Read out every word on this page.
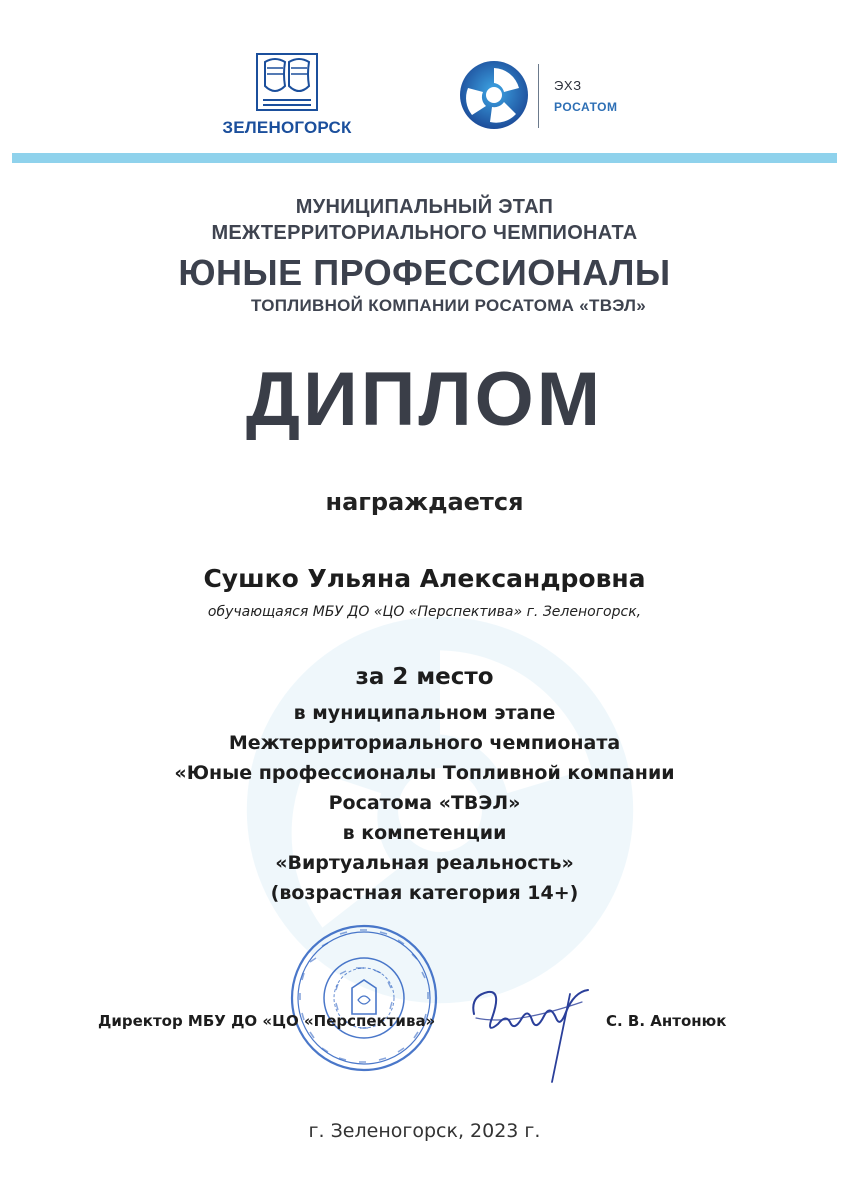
ЗЕЛЕНОГОРСК
ЭХЗ
РОСАТОМ
МУНИЦИПАЛЬНЫЙ ЭТАП
МЕЖТЕРРИТОРИАЛЬНОГО ЧЕМПИОНАТА
ЮНЫЕ ПРОФЕССИОНАЛЫ
ТОПЛИВНОЙ КОМПАНИИ РОСАТОМА «ТВЭЛ»
ДИПЛОМ
награждается
Сушко Ульяна Александровна
обучающаяся МБУ ДО «ЦО «Перспектива» г. Зеленогорск,
за 2 место
в муниципальном этапе
Межтерриториального чемпионата
«Юные профессионалы Топливной компании
Росатома «ТВЭЛ»
в компетенции
«Виртуальная реальность»
(возрастная категория 14+)
Директор МБУ ДО «ЦО «Перспектива»	С. В. Антонюк
г. Зеленогорск, 2023 г.
